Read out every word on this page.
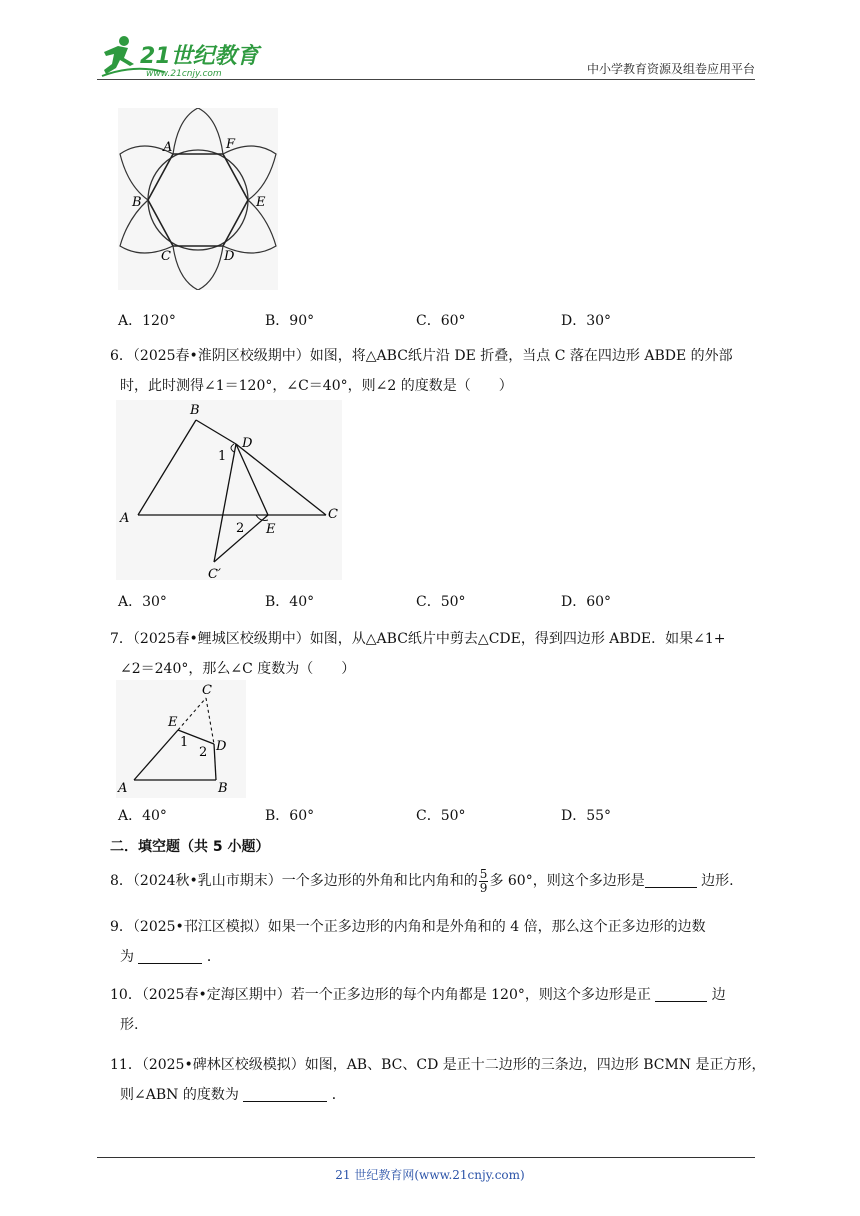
21世纪教育
www.21cnjy.com	中小学教育资源及组卷应用平台
A	F
B	E
C	D
A．120°	B．90°	C．60°	D．30°
6．（2025春•淮阴区校级期中）如图，将△ABC纸片沿 DE 折叠，当点 C 落在四边形 ABDE 的外部
时，此时测得∠1＝120°，∠C＝40°，则∠2 的度数是（　　）
A
B
C
D
E
C′
1
2
A．30°	B．40°	C．50°	D．60°
7．（2025春•鲤城区校级期中）如图，从△ABC纸片中剪去△CDE，得到四边形 ABDE．如果∠1+
∠2＝240°，那么∠C 度数为（　　）
C
E
D
A	B
1
2
A．40°	B．60°	C．50°	D．55°
二．填空题（共 5 小题）
8．（2024秋•乳山市期末）一个多边形的外角和比内角和的 $\frac{5}{9}$ 多 60°，则这个多边形是	边形.
9．（2025•邗江区模拟）如果一个正多边形的内角和是外角和的 4 倍，那么这个正多边形的边数
为	．
10．（2025春•定海区期中）若一个正多边形的每个内角都是 120°，则这个多边形是正	边
形.
11．（2025•碑林区校级模拟）如图，AB、BC、CD 是正十二边形的三条边，四边形 BCMN 是正方形，
则∠ABN 的度数为	．
21 世纪教育网(www.21cnjy.com)
